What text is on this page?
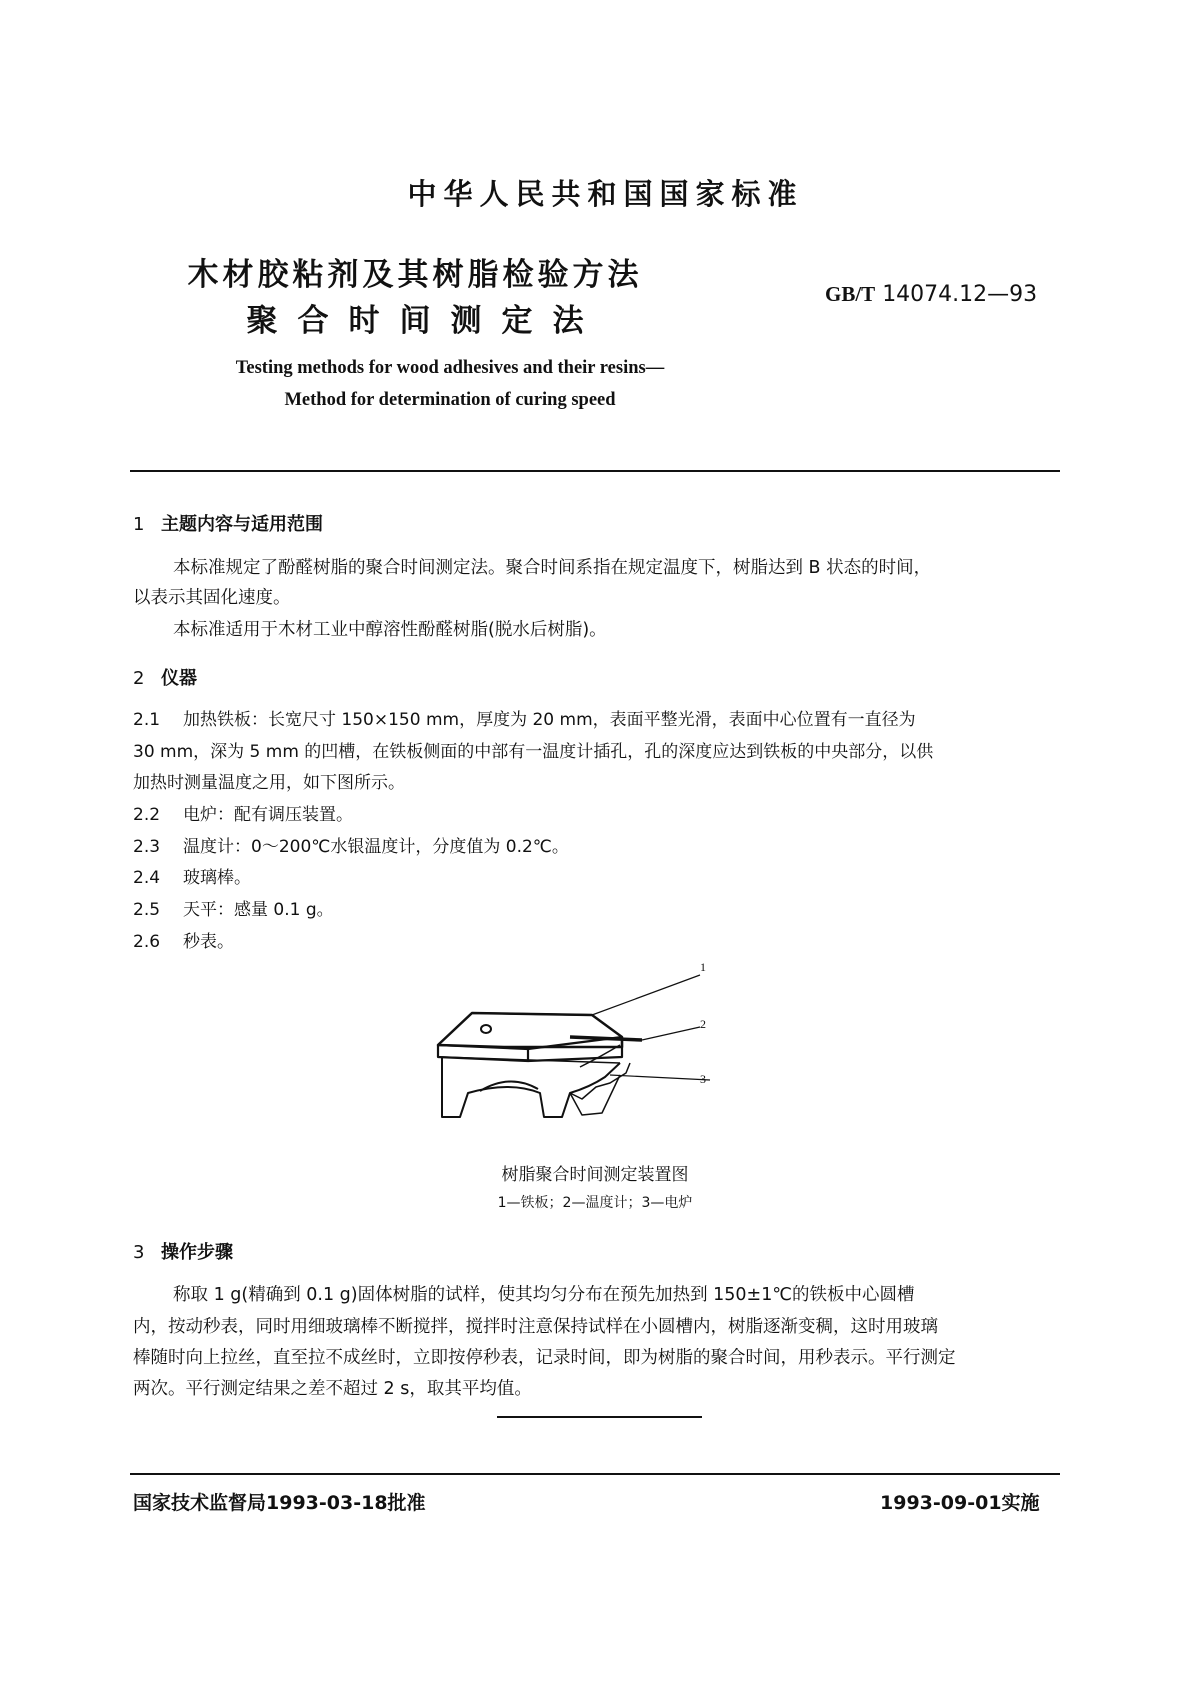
中华人民共和国国家标准
木材胶粘剂及其树脂检验方法
聚合时间测定法
GB/T 14074.12—93
Testing methods for wood adhesives and their resins—
Method for determination of curing speed
1 主题内容与适用范围
本标准规定了酚醛树脂的聚合时间测定法。聚合时间系指在规定温度下，树脂达到 B 状态的时间，
以表示其固化速度。
本标准适用于木材工业中醇溶性酚醛树脂(脱水后树脂)。
2 仪器
2.1 加热铁板：长宽尺寸 150×150 mm，厚度为 20 mm，表面平整光滑，表面中心位置有一直径为
30 mm，深为 5 mm 的凹槽，在铁板侧面的中部有一温度计插孔，孔的深度应达到铁板的中央部分，以供
加热时测量温度之用，如下图所示。
2.2 电炉：配有调压装置。
2.3 温度计：0～200℃水银温度计，分度值为 0.2℃。
2.4 玻璃棒。
2.5 天平：感量 0.1 g。
2.6 秒表。
1
2
3
树脂聚合时间测定装置图
1—铁板；2—温度计；3—电炉
3 操作步骤
称取 1 g(精确到 0.1 g)固体树脂的试样，使其均匀分布在预先加热到 150±1℃的铁板中心圆槽
内，按动秒表，同时用细玻璃棒不断搅拌，搅拌时注意保持试样在小圆槽内，树脂逐渐变稠，这时用玻璃
棒随时向上拉丝，直至拉不成丝时，立即按停秒表，记录时间，即为树脂的聚合时间，用秒表示。平行测定
两次。平行测定结果之差不超过 2 s，取其平均值。
国家技术监督局1993-03-18批准	1993-09-01实施
